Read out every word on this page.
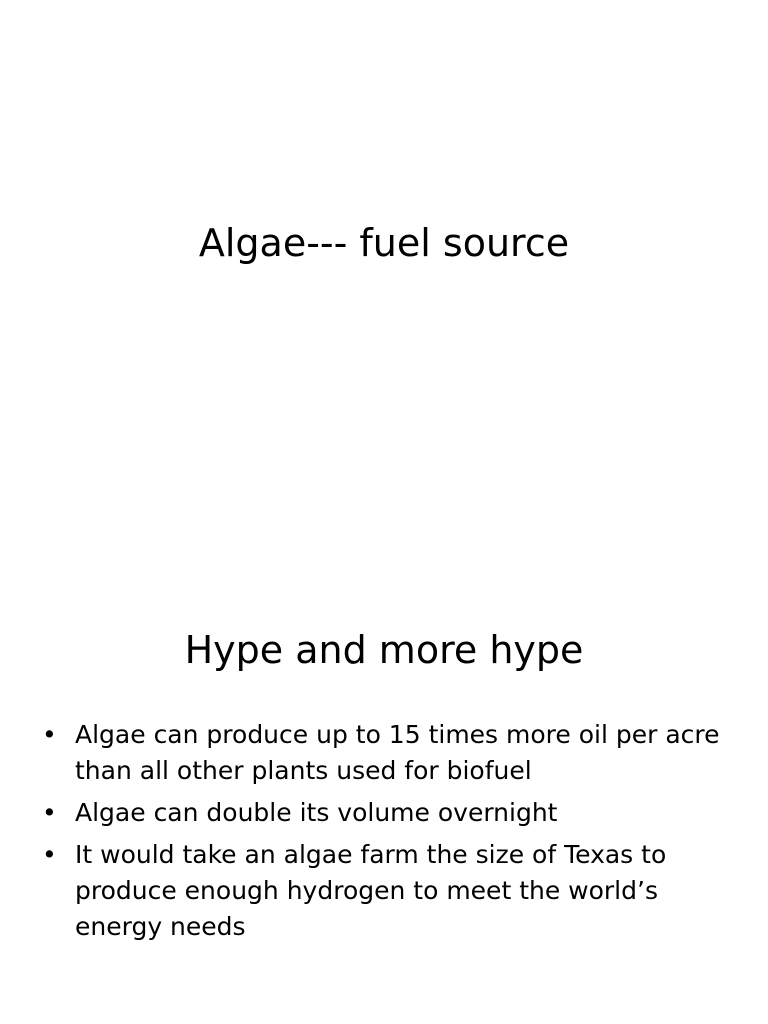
Algae--- fuel source
Hype and more hype
• Algae can produce up to 15 times more oil per acre than all other plants used for biofuel
• Algae can double its volume overnight
• It would take an algae farm the size of Texas to produce enough hydrogen to meet the world’s energy needs
